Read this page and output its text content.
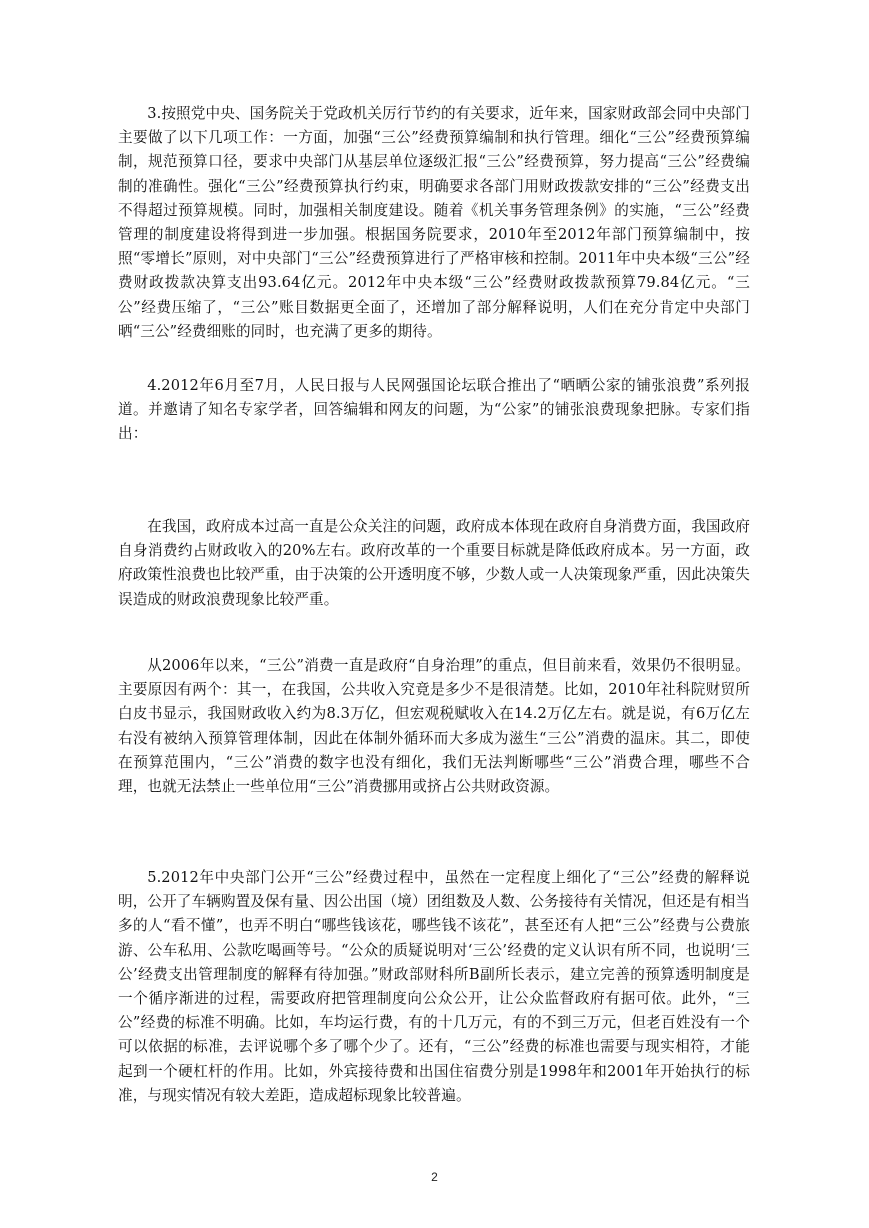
3.按照党中央、国务院关于党政机关厉行节约的有关要求，近年来，国家财政部会同中央部门主要做了以下几项工作：一方面，加强“三公”经费预算编制和执行管理。细化“三公”经费预算编制，规范预算口径，要求中央部门从基层单位逐级汇报“三公”经费预算，努力提高“三公”经费编制的准确性。强化“三公”经费预算执行约束，明确要求各部门用财政拨款安排的“三公”经费支出不得超过预算规模。同时，加强相关制度建设。随着《机关事务管理条例》的实施，“三公”经费管理的制度建设将得到进一步加强。根据国务院要求，2010年至2012年部门预算编制中，按照“零增长”原则，对中央部门“三公”经费预算进行了严格审核和控制。2011年中央本级“三公”经费财政拨款决算支出93.64亿元。2012年中央本级“三公”经费财政拨款预算79.84亿元。“三公”经费压缩了，“三公”账目数据更全面了，还增加了部分解释说明，人们在充分肯定中央部门晒“三公”经费细账的同时，也充满了更多的期待。

4.2012年6月至7月，人民日报与人民网强国论坛联合推出了“晒晒公家的铺张浪费”系列报道。并邀请了知名专家学者，回答编辑和网友的问题，为“公家”的铺张浪费现象把脉。专家们指出：

在我国，政府成本过高一直是公众关注的问题，政府成本体现在政府自身消费方面，我国政府自身消费约占财政收入的20%左右。政府改革的一个重要目标就是降低政府成本。另一方面，政府政策性浪费也比较严重，由于决策的公开透明度不够，少数人或一人决策现象严重，因此决策失误造成的财政浪费现象比较严重。

从2006年以来，“三公”消费一直是政府“自身治理”的重点，但目前来看，效果仍不很明显。主要原因有两个：其一，在我国，公共收入究竟是多少不是很清楚。比如，2010年社科院财贸所白皮书显示，我国财政收入约为8.3万亿，但宏观税赋收入在14.2万亿左右。就是说，有6万亿左右没有被纳入预算管理体制，因此在体制外循环而大多成为滋生“三公”消费的温床。其二，即使在预算范围内，“三公”消费的数字也没有细化，我们无法判断哪些“三公”消费合理，哪些不合理，也就无法禁止一些单位用“三公”消费挪用或挤占公共财政资源。

5.2012年中央部门公开“三公”经费过程中，虽然在一定程度上细化了“三公”经费的解释说明，公开了车辆购置及保有量、因公出国（境）团组数及人数、公务接待有关情况，但还是有相当多的人“看不懂”，也弄不明白“哪些钱该花，哪些钱不该花”，甚至还有人把“三公”经费与公费旅游、公车私用、公款吃喝画等号。“公众的质疑说明对‘三公’经费的定义认识有所不同，也说明‘三公’经费支出管理制度的解释有待加强。”财政部财科所B副所长表示，建立完善的预算透明制度是一个循序渐进的过程，需要政府把管理制度向公众公开，让公众监督政府有据可依。此外，“三公”经费的标准不明确。比如，车均运行费，有的十几万元，有的不到三万元，但老百姓没有一个可以依据的标准，去评说哪个多了哪个少了。还有，“三公”经费的标准也需要与现实相符，才能起到一个硬杠杆的作用。比如，外宾接待费和出国住宿费分别是1998年和2001年开始执行的标准，与现实情况有较大差距，造成超标现象比较普遍。

2
